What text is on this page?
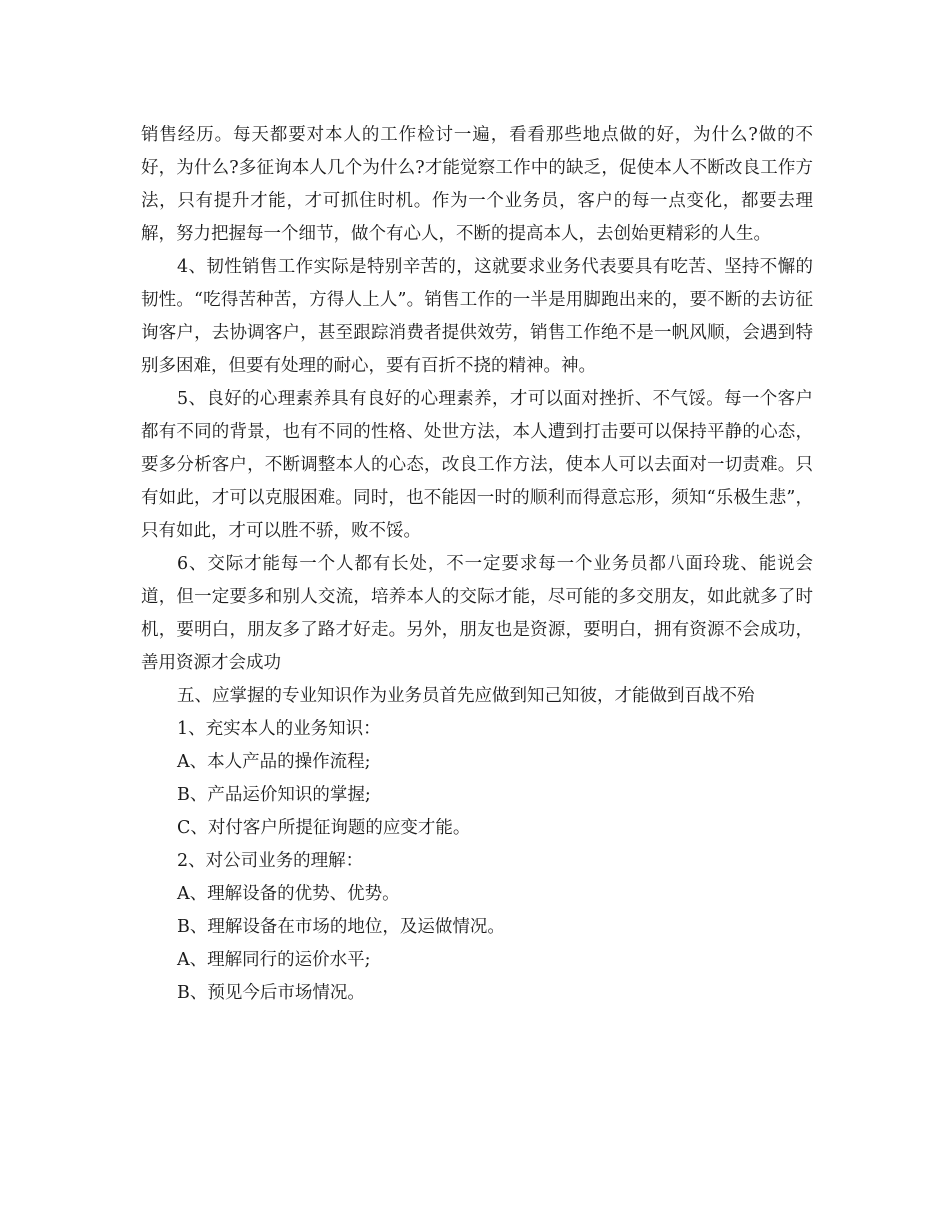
销售经历。每天都要对本人的工作检讨一遍，看看那些地点做的好，为什么?做的不好，为什么?多征询本人几个为什么?才能觉察工作中的缺乏，促使本人不断改良工作方法，只有提升才能，才可抓住时机。作为一个业务员，客户的每一点变化，都要去理解，努力把握每一个细节，做个有心人，不断的提高本人，去创始更精彩的人生。

4、韧性销售工作实际是特别辛苦的，这就要求业务代表要具有吃苦、坚持不懈的韧性。“吃得苦种苦，方得人上人”。销售工作的一半是用脚跑出来的，要不断的去访征询客户，去协调客户，甚至跟踪消费者提供效劳，销售工作绝不是一帆风顺，会遇到特别多困难，但要有处理的耐心，要有百折不挠的精神。神。

5、良好的心理素养具有良好的心理素养，才可以面对挫折、不气馁。每一个客户都有不同的背景，也有不同的性格、处世方法，本人遭到打击要可以保持平静的心态，要多分析客户，不断调整本人的心态，改良工作方法，使本人可以去面对一切责难。只有如此，才可以克服困难。同时，也不能因一时的顺利而得意忘形，须知“乐极生悲”，只有如此，才可以胜不骄，败不馁。

6、交际才能每一个人都有长处，不一定要求每一个业务员都八面玲珑、能说会道，但一定要多和别人交流，培养本人的交际才能，尽可能的多交朋友，如此就多了时机，要明白，朋友多了路才好走。另外，朋友也是资源，要明白，拥有资源不会成功，善用资源才会成功

五、应掌握的专业知识作为业务员首先应做到知己知彼，才能做到百战不殆
1、充实本人的业务知识：
A、本人产品的操作流程;
B、产品运价知识的掌握;
C、对付客户所提征询题的应变才能。
2、对公司业务的理解：
A、理解设备的优势、优势。
B、理解设备在市场的地位，及运做情况。
A、理解同行的运价水平;
B、预见今后市场情况。
